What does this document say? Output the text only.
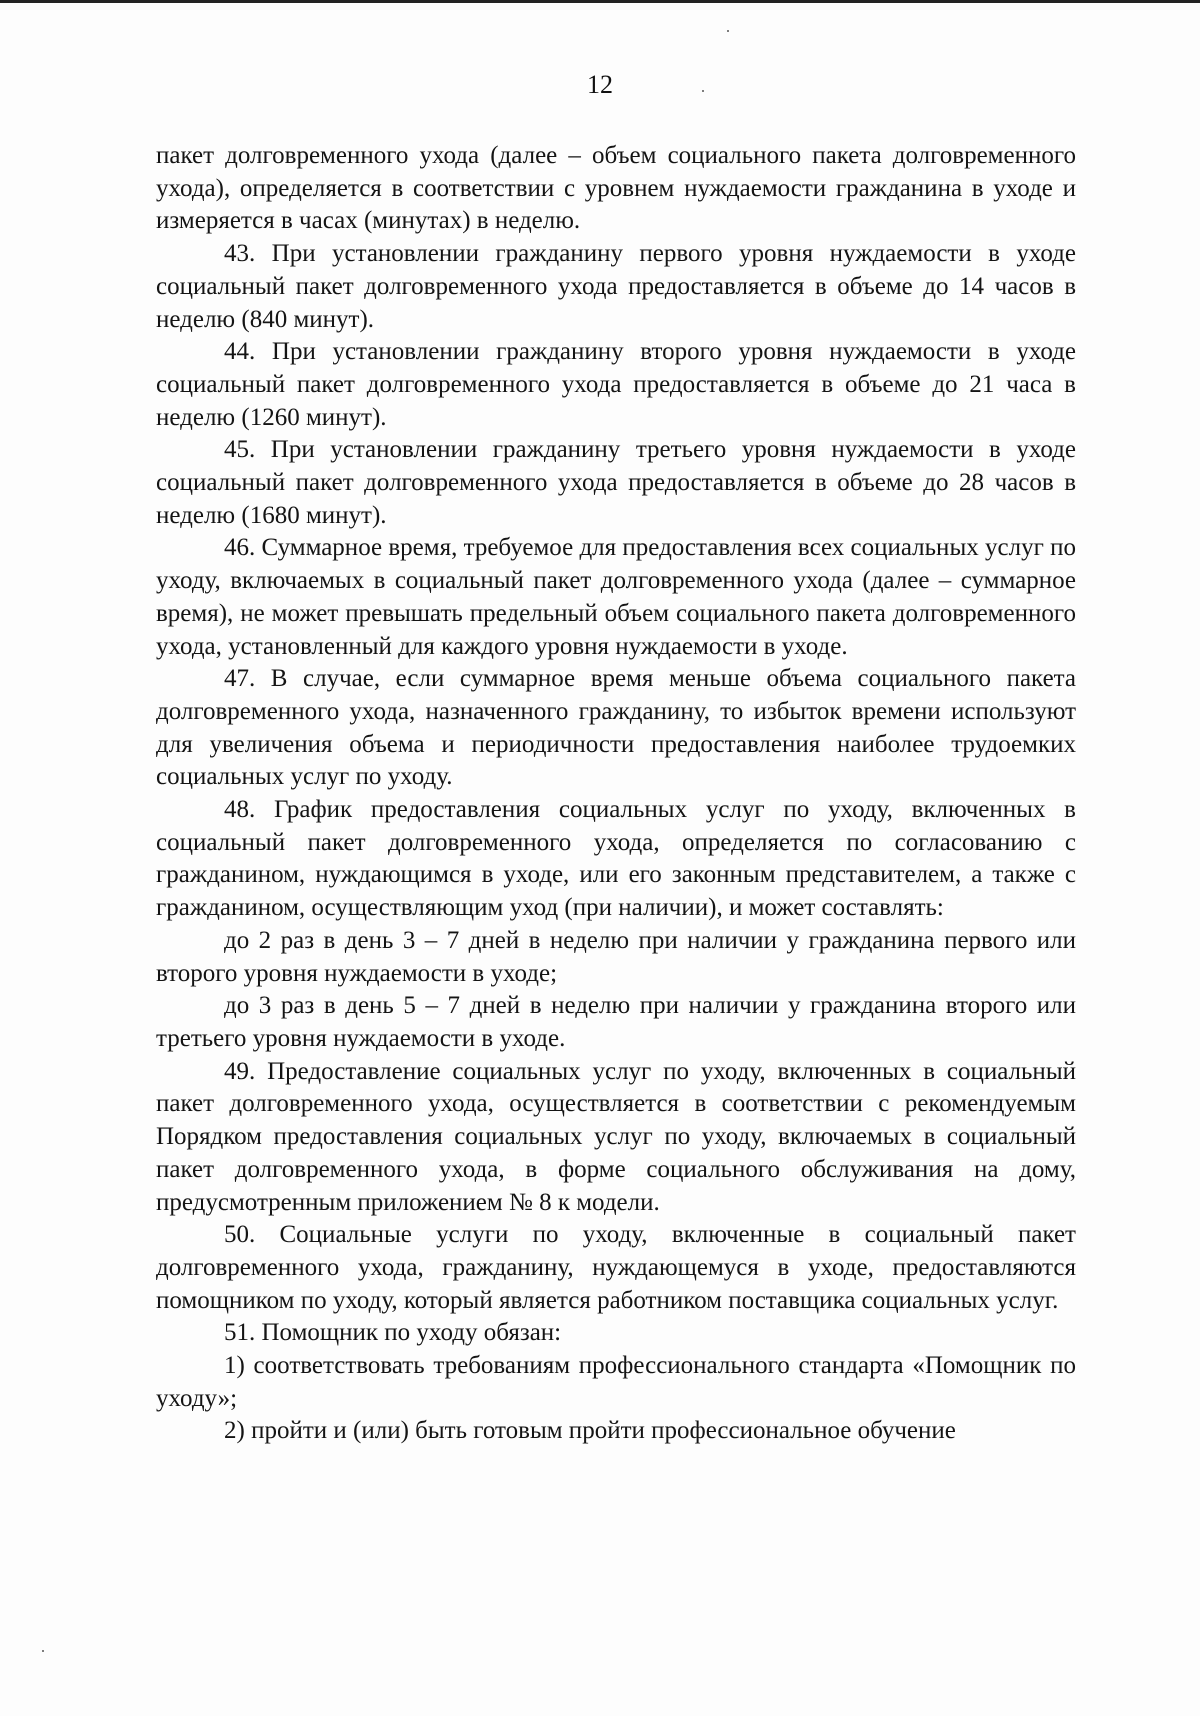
12

пакет долговременного ухода (далее – объем социального пакета долговременного ухода), определяется в соответствии с уровнем нуждаемости гражданина в уходе и измеряется в часах (минутах) в неделю.

43. При установлении гражданину первого уровня нуждаемости в уходе социальный пакет долговременного ухода предоставляется в объеме до 14 часов в неделю (840 минут).

44. При установлении гражданину второго уровня нуждаемости в уходе социальный пакет долговременного ухода предоставляется в объеме до 21 часа в неделю (1260 минут).

45. При установлении гражданину третьего уровня нуждаемости в уходе социальный пакет долговременного ухода предоставляется в объеме до 28 часов в неделю (1680 минут).

46. Суммарное время, требуемое для предоставления всех социальных услуг по уходу, включаемых в социальный пакет долговременного ухода (далее – суммарное время), не может превышать предельный объем социального пакета долговременного ухода, установленный для каждого уровня нуждаемости в уходе.

47. В случае, если суммарное время меньше объема социального пакета долговременного ухода, назначенного гражданину, то избыток времени используют для увеличения объема и периодичности предоставления наиболее трудоемких социальных услуг по уходу.

48. График предоставления социальных услуг по уходу, включенных в социальный пакет долговременного ухода, определяется по согласованию с гражданином, нуждающимся в уходе, или его законным представителем, а также с гражданином, осуществляющим уход (при наличии), и может составлять:

до 2 раз в день 3 – 7 дней в неделю при наличии у гражданина первого или второго уровня нуждаемости в уходе;

до 3 раз в день 5 – 7 дней в неделю при наличии у гражданина второго или третьего уровня нуждаемости в уходе.

49. Предоставление социальных услуг по уходу, включенных в социальный пакет долговременного ухода, осуществляется в соответствии с рекомендуемым Порядком предоставления социальных услуг по уходу, включаемых в социальный пакет долговременного ухода, в форме социального обслуживания на дому, предусмотренным приложением № 8 к модели.

50. Социальные услуги по уходу, включенные в социальный пакет долговременного ухода, гражданину, нуждающемуся в уходе, предоставляются помощником по уходу, который является работником поставщика социальных услуг.

51. Помощник по уходу обязан:

1) соответствовать требованиям профессионального стандарта «Помощник по уходу»;

2) пройти и (или) быть готовым пройти профессиональное обучение
